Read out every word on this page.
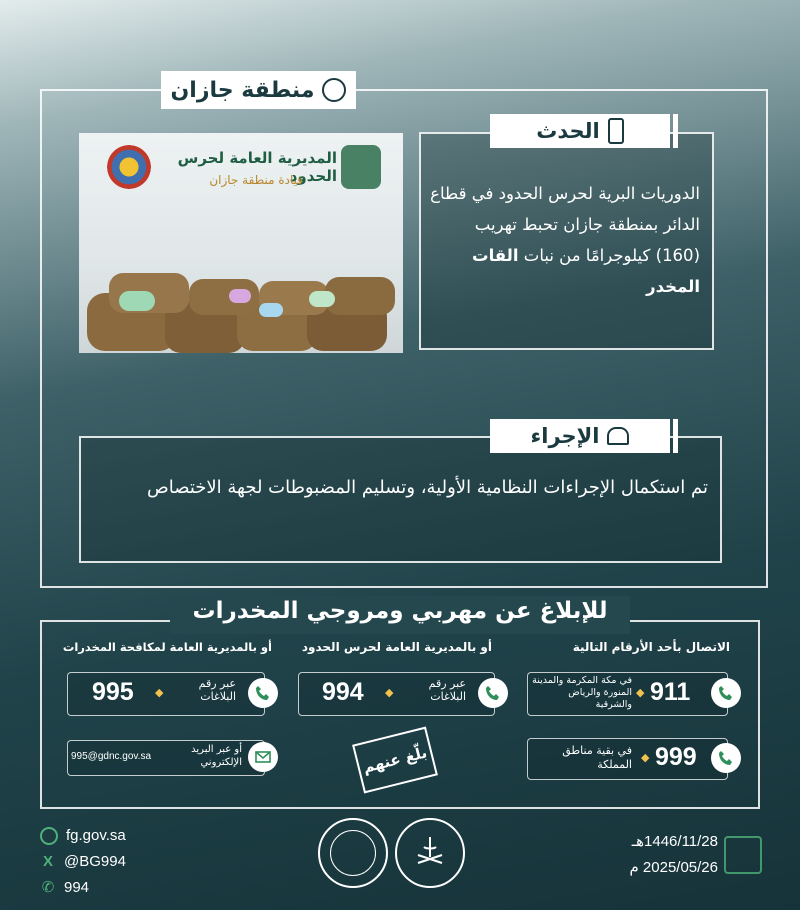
منطقة جازان
المديرية العامة لحرس الحدود
قيادة منطقة جازان
الحدث
الدوريات البرية لحرس الحدود في قطاع الدائر بمنطقة جازان تحبط تهريب (160) كيلوجرامًا من نبات القات المخدر
الإجراء
تم استكمال الإجراءات النظامية الأولية، وتسليم المضبوطات لجهة الاختصاص
للإبلاغ عن مهربي ومروجي المخدرات
الاتصال بأحد الأرقام التالية
أو بالمديرية العامة لحرس الحدود
أو بالمديرية العامة لمكافحة المخدرات
911
◆
في مكة المكرمة والمدينة المنورة والرياض والشرقية
999
◆
في بقية مناطق المملكة
عبر رقم البلاغات
◆
994
بلّغ عنهم
عبر رقم البلاغات
◆
995
أو عبر البريد الإلكتروني
995@gdnc.gov.sa
fg.gov.sa
X @BG994
✆ 994
1446/11/28هـ
2025/05/26 م
